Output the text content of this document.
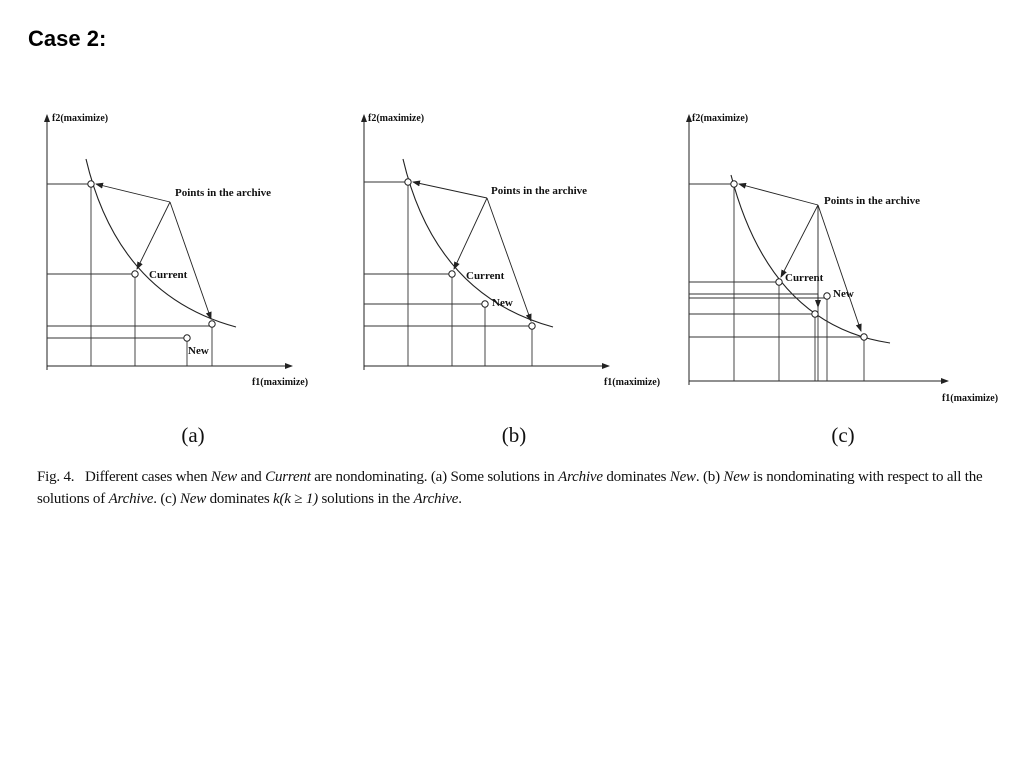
Case 2:
f2(maximize)
f1(maximize)
Points in the archive
Current
New
(a)
f2(maximize)
f1(maximize)
Points in the archive
Current
New
(b)
f2(maximize)
f1(maximize)
Points in the archive
Current
New
(c)
Fig. 4. Different cases when New and Current are nondominating. (a) Some solutions in Archive dominates New. (b) New is nondominating with respect to all the solutions of Archive. (c) New dominates k(k ≥ 1) solutions in the Archive.
